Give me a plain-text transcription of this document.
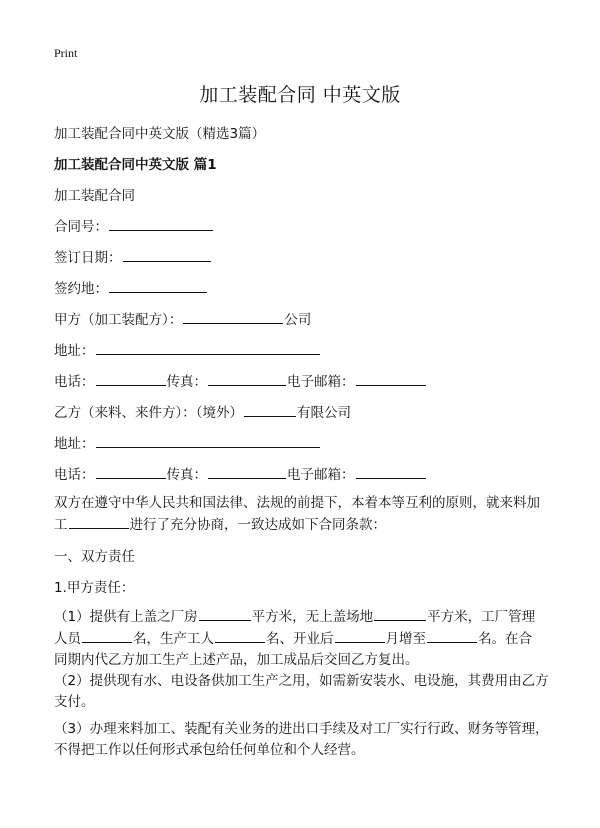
Print
加工装配合同 中英文版
加工装配合同中英文版（精选3篇）
加工装配合同中英文版 篇1
加工装配合同
合同号：
签订日期：
签约地：
甲方（加工装配方）：	公司
地址：
电话：	传真：	电子邮箱：
乙方（来料、来件方）：（境外）	有限公司
地址：
电话：	传真：	电子邮箱：
双方在遵守中华人民共和国法律、法规的前提下，本着本等互利的原则，就来料加
工	进行了充分协商，一致达成如下合同条款：
一、双方责任
1.甲方责任：
（1）提供有上盖之厂房	平方米，无上盖场地	平方米，工厂管理
人员	名，生产工人	名、开业后	月增至	名。在合
同期内代乙方加工生产上述产品，加工成品后交回乙方复出。
（2）提供现有水、电设备供加工生产之用，如需新安装水、电设施，其费用由乙方支付。
（3）办理来料加工、装配有关业务的进出口手续及对工厂实行行政、财务等管理，不得把工作以任何形式承包给任何单位和个人经营。
